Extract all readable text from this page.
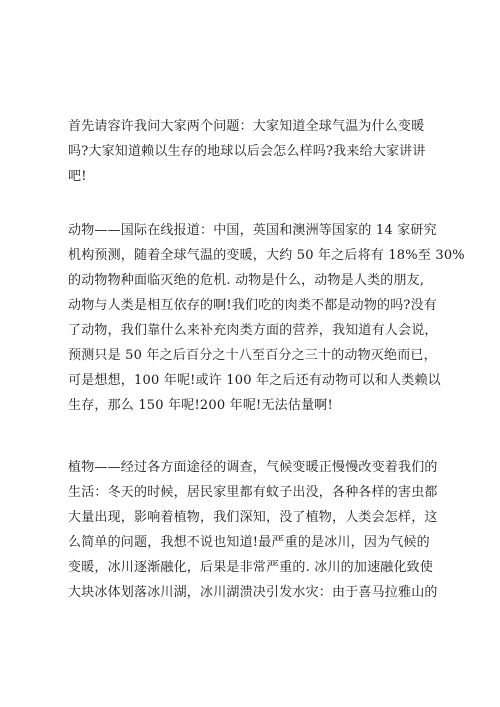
首先请容许我问大家两个问题：大家知道全球气温为什么变暖
吗?大家知道赖以生存的地球以后会怎么样吗?我来给大家讲讲
吧!
动物——国际在线报道：中国，英国和澳洲等国家的 14 家研究
机构预测，随着全球气温的变暖，大约 50 年之后将有 18%至 30%
的动物物种面临灭绝的危机. 动物是什么，动物是人类的朋友,
动物与人类是相互依存的啊!我们吃的肉类不都是动物的吗?没有
了动物，我们靠什么来补充肉类方面的营养，我知道有人会说，
预测只是 50 年之后百分之十八至百分之三十的动物灭绝而已，
可是想想，100 年呢!或许 100 年之后还有动物可以和人类赖以
生存，那么 150 年呢!200 年呢!无法估量啊!
植物——经过各方面途径的调查，气候变暖正慢慢改变着我们的
生活：冬天的时候，居民家里都有蚊子出没，各种各样的害虫都
大量出现，影响着植物，我们深知，没了植物，人类会怎样，这
么简单的问题，我想不说也知道!最严重的是冰川，因为气候的
变暖，冰川逐渐融化，后果是非常严重的. 冰川的加速融化致使
大块冰体划落冰川湖，冰川湖溃决引发水灾：由于喜马拉雅山的
